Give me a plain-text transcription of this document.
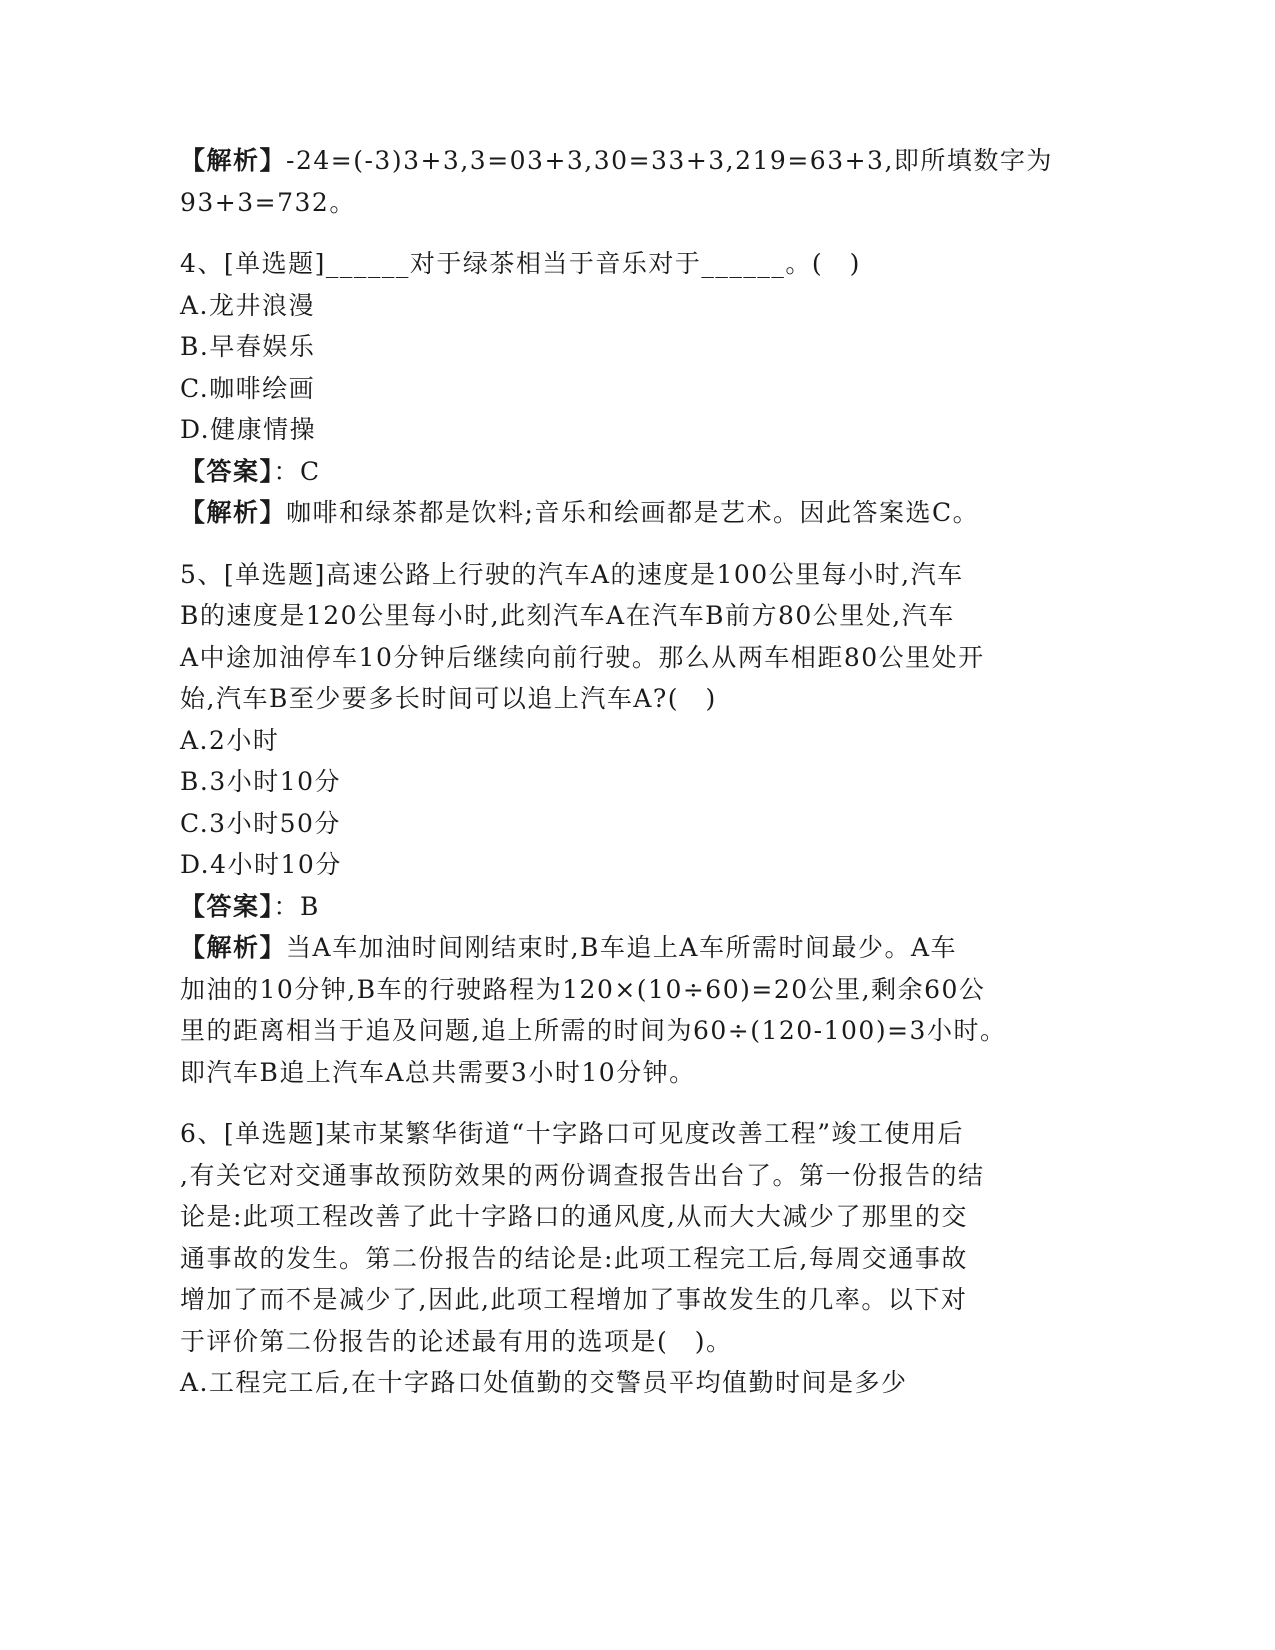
【解析】-24=(-3)3+3,3=03+3,30=33+3,219=63+3,即所填数字为
93+3=732。
4、[单选题]______对于绿茶相当于音乐对于______。(　)
A.龙井浪漫
B.早春娱乐
C.咖啡绘画
D.健康情操
【答案】：C
【解析】咖啡和绿茶都是饮料;音乐和绘画都是艺术。因此答案选C。
5、[单选题]高速公路上行驶的汽车A的速度是100公里每小时,汽车
B的速度是120公里每小时,此刻汽车A在汽车B前方80公里处,汽车
A中途加油停车10分钟后继续向前行驶。那么从两车相距80公里处开
始,汽车B至少要多长时间可以追上汽车A?(　)
A.2小时
B.3小时10分
C.3小时50分
D.4小时10分
【答案】：B
【解析】当A车加油时间刚结束时,B车追上A车所需时间最少。A车
加油的10分钟,B车的行驶路程为120×(10÷60)=20公里,剩余60公
里的距离相当于追及问题,追上所需的时间为60÷(120-100)=3小时。
即汽车B追上汽车A总共需要3小时10分钟。
6、[单选题]某市某繁华街道“十字路口可见度改善工程”竣工使用后
,有关它对交通事故预防效果的两份调查报告出台了。第一份报告的结
论是:此项工程改善了此十字路口的通风度,从而大大减少了那里的交
通事故的发生。第二份报告的结论是:此项工程完工后,每周交通事故
增加了而不是减少了,因此,此项工程增加了事故发生的几率。以下对
于评价第二份报告的论述最有用的选项是(　)。
A.工程完工后,在十字路口处值勤的交警员平均值勤时间是多少
